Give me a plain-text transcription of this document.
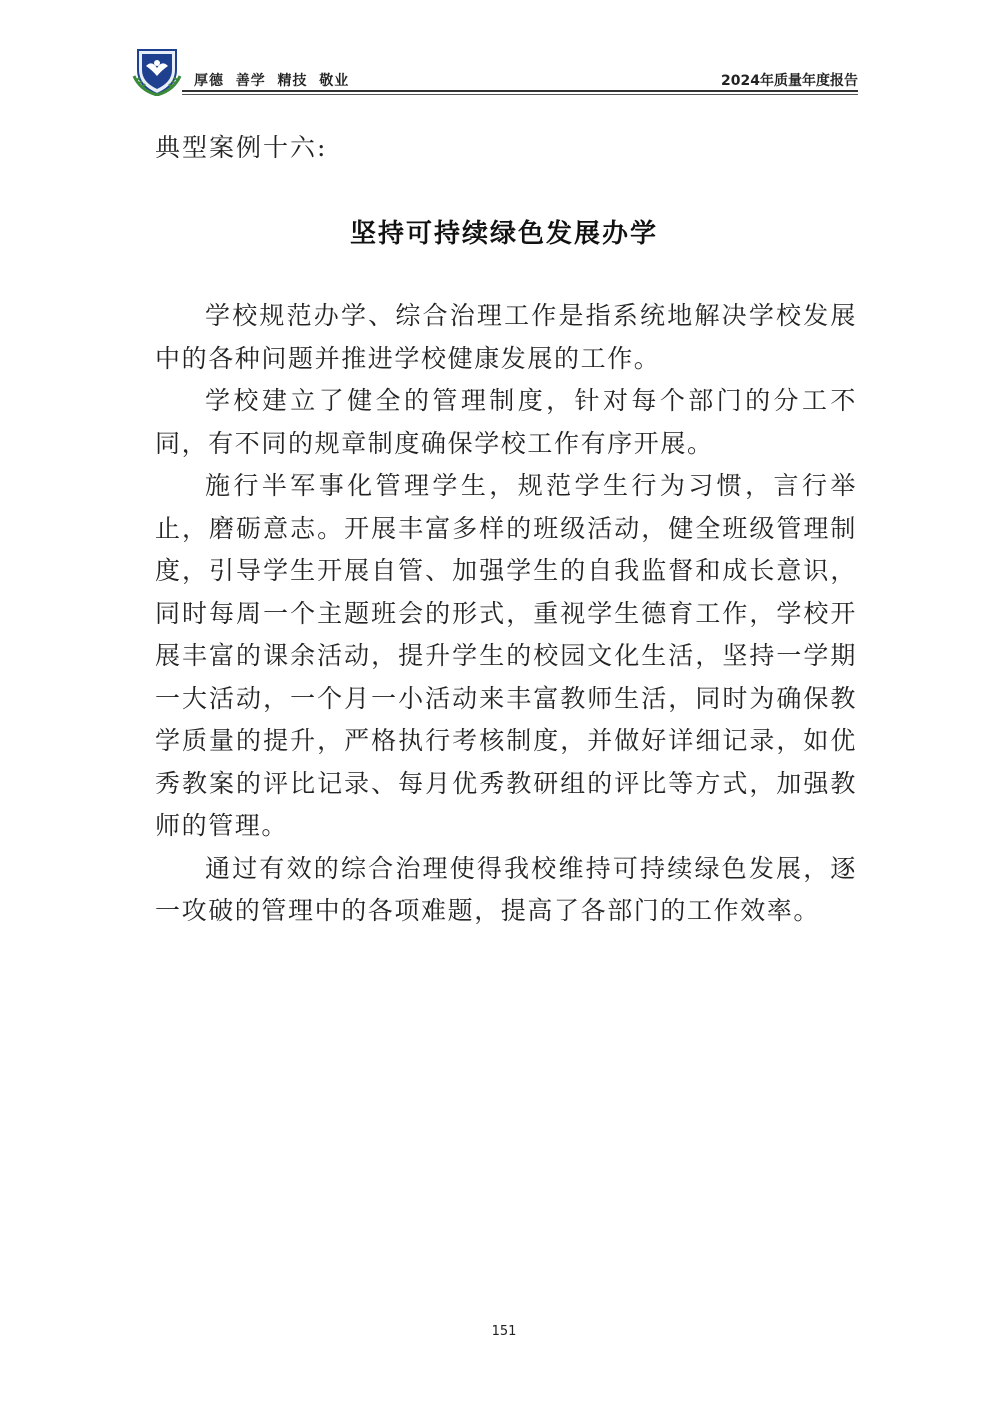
厚德  善学  精技  敬业	2024年质量年度报告
典型案例十六:
坚持可持续绿色发展办学

学校规范办学、综合治理工作是指系统地解决学校发展中的各种问题并推进学校健康发展的工作。

学校建立了健全的管理制度，针对每个部门的分工不同，有不同的规章制度确保学校工作有序开展。

施行半军事化管理学生，规范学生行为习惯，言行举止，磨砺意志。开展丰富多样的班级活动，健全班级管理制度，引导学生开展自管、加强学生的自我监督和成长意识，同时每周一个主题班会的形式，重视学生德育工作，学校开展丰富的课余活动，提升学生的校园文化生活，坚持一学期一大活动，一个月一小活动来丰富教师生活，同时为确保教学质量的提升，严格执行考核制度，并做好详细记录，如优秀教案的评比记录、每月优秀教研组的评比等方式，加强教师的管理。

通过有效的综合治理使得我校维持可持续绿色发展，逐一攻破的管理中的各项难题，提高了各部门的工作效率。

151
